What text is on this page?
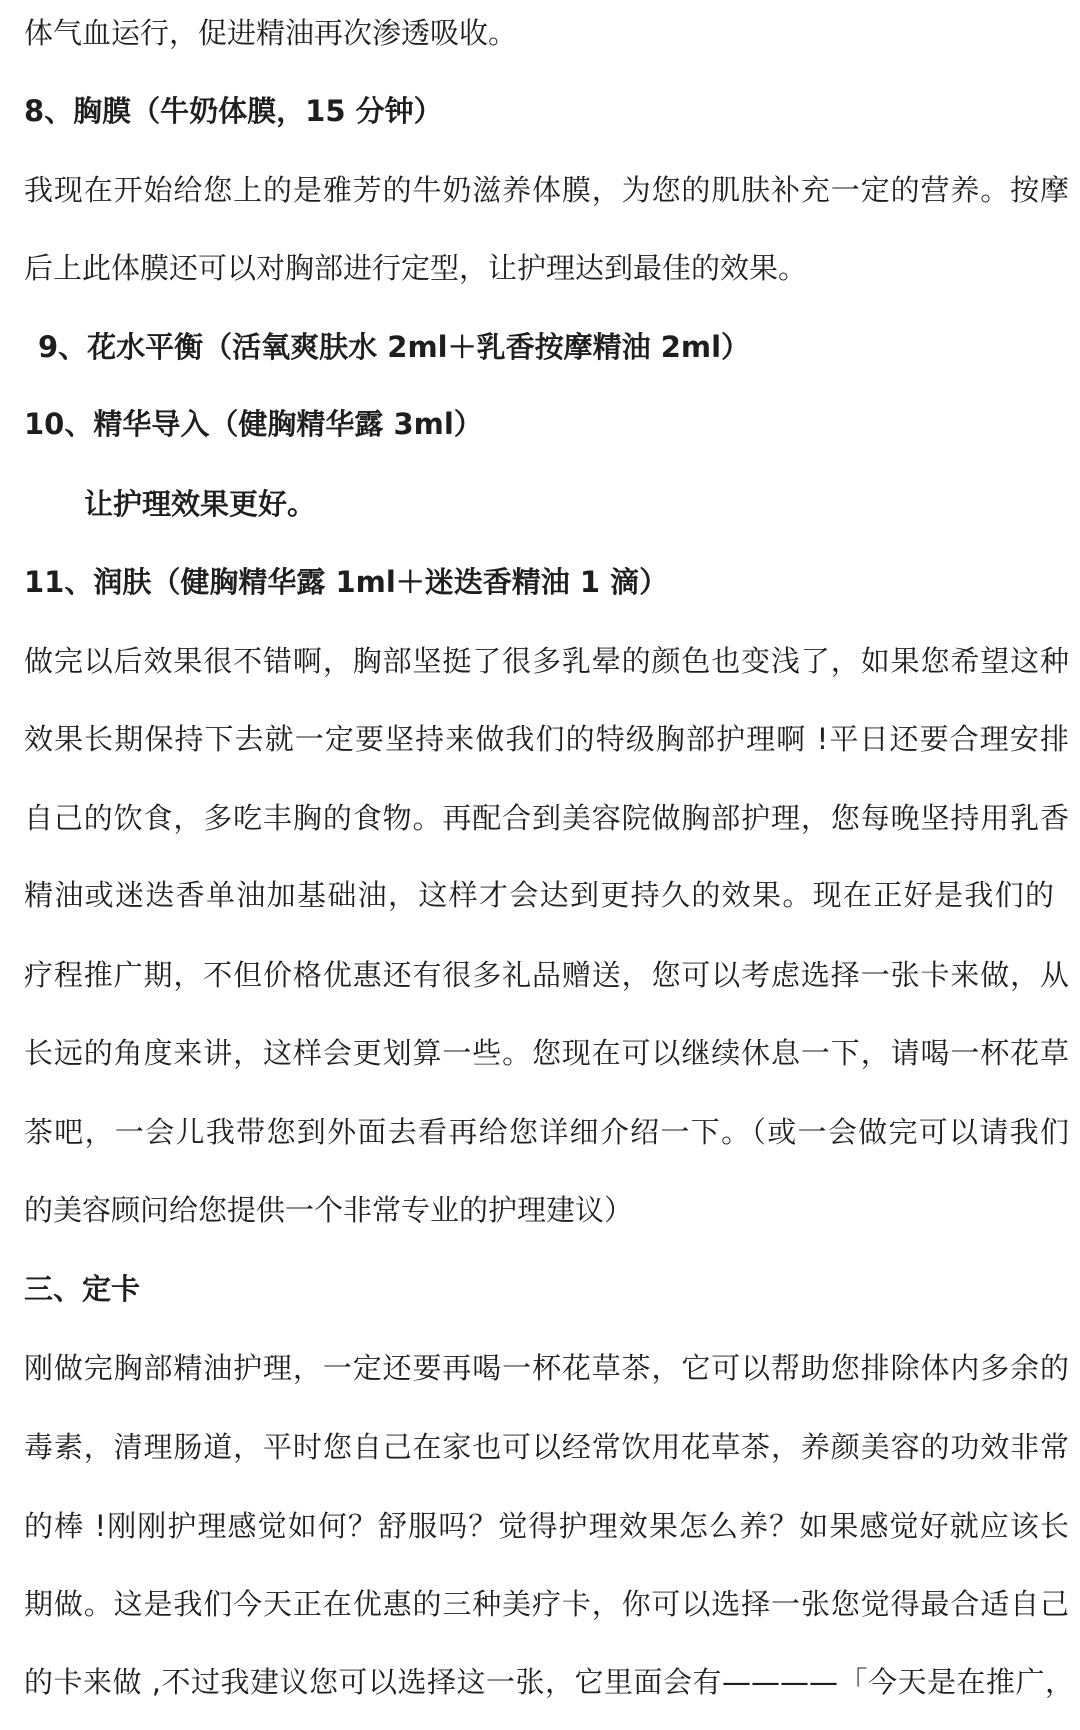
体气血运行，促进精油再次渗透吸收。
8、胸膜（牛奶体膜，15 分钟）
我现在开始给您上的是雅芳的牛奶滋养体膜，为您的肌肤补充一定的营养。按摩
后上此体膜还可以对胸部进行定型，让护理达到最佳的效果。
9、花水平衡（活氧爽肤水 2ml＋乳香按摩精油 2ml）
10、精华导入（健胸精华露 3ml）
让护理效果更好。
11、润肤（健胸精华露 1ml＋迷迭香精油 1 滴）
做完以后效果很不错啊，胸部坚挺了很多乳晕的颜色也变浅了，如果您希望这种
效果长期保持下去就一定要坚持来做我们的特级胸部护理啊 !平日还要合理安排
自己的饮食，多吃丰胸的食物。再配合到美容院做胸部护理，您每晚坚持用乳香
精油或迷迭香单油加基础油，这样才会达到更持久的效果。现在正好是我们的
疗程推广期，不但价格优惠还有很多礼品赠送，您可以考虑选择一张卡来做，从
长远的角度来讲，这样会更划算一些。您现在可以继续休息一下，请喝一杯花草
茶吧，一会儿我带您到外面去看再给您详细介绍一下。（或一会做完可以请我们
的美容顾问给您提供一个非常专业的护理建议）
三、定卡
刚做完胸部精油护理，一定还要再喝一杯花草茶，它可以帮助您排除体内多余的
毒素，清理肠道，平时您自己在家也可以经常饮用花草茶，养颜美容的功效非常
的棒 !刚刚护理感觉如何？舒服吗？觉得护理效果怎么养？如果感觉好就应该长
期做。这是我们今天正在优惠的三种美疗卡，你可以选择一张您觉得最合适自己
的卡来做 ,不过我建议您可以选择这一张，它里面会有————「今天是在推广，
